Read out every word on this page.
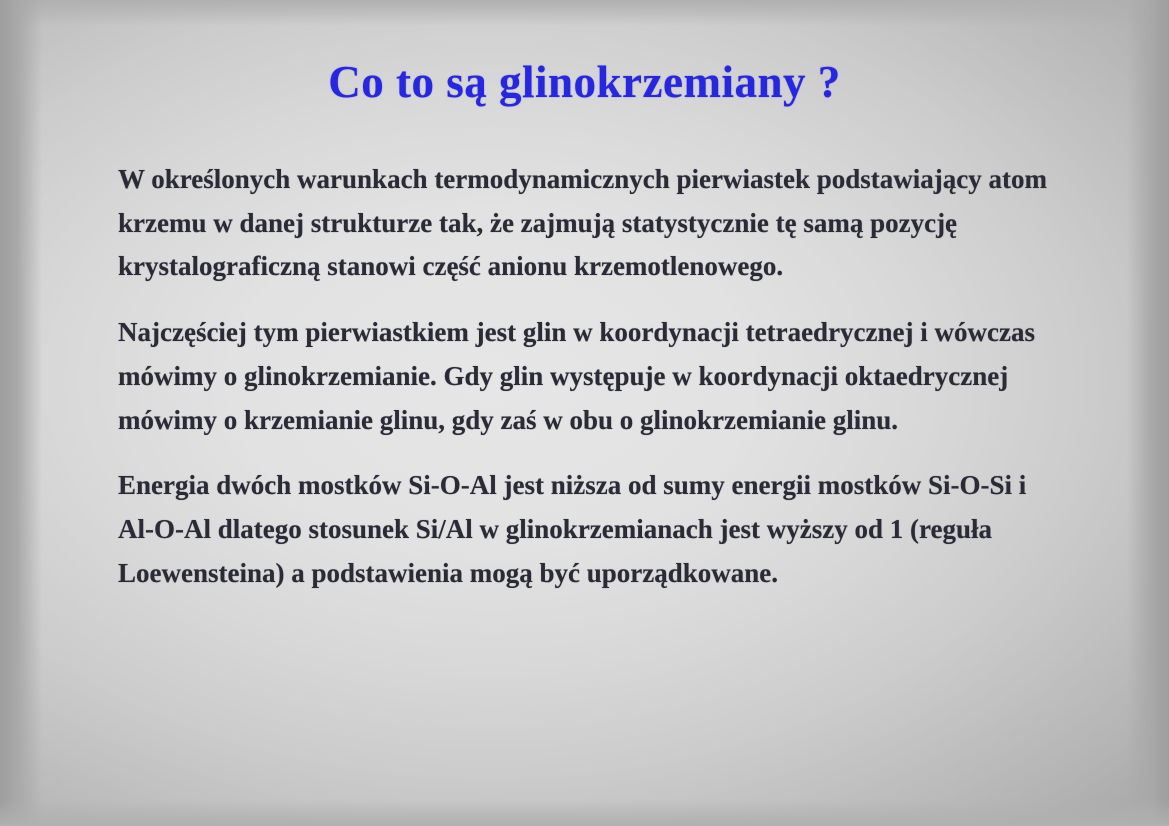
Co to są glinokrzemiany ?

W określonych warunkach termodynamicznych pierwiastek podstawiający atom krzemu w danej strukturze tak, że zajmują statystycznie tę samą pozycję krystalograficzną stanowi część anionu krzemotlenowego.

Najczęściej tym pierwiastkiem jest glin w koordynacji tetraedrycznej i wówczas mówimy o glinokrzemianie. Gdy glin występuje w koordynacji oktaedrycznej mówimy o krzemianie glinu, gdy zaś w obu o glinokrzemianie glinu.

Energia dwóch mostków Si-O-Al jest niższa od sumy energii mostków Si-O-Si i Al-O-Al dlatego stosunek Si/Al w glinokrzemianach jest wyższy od 1 (reguła Loewensteina) a podstawienia mogą być uporządkowane.
